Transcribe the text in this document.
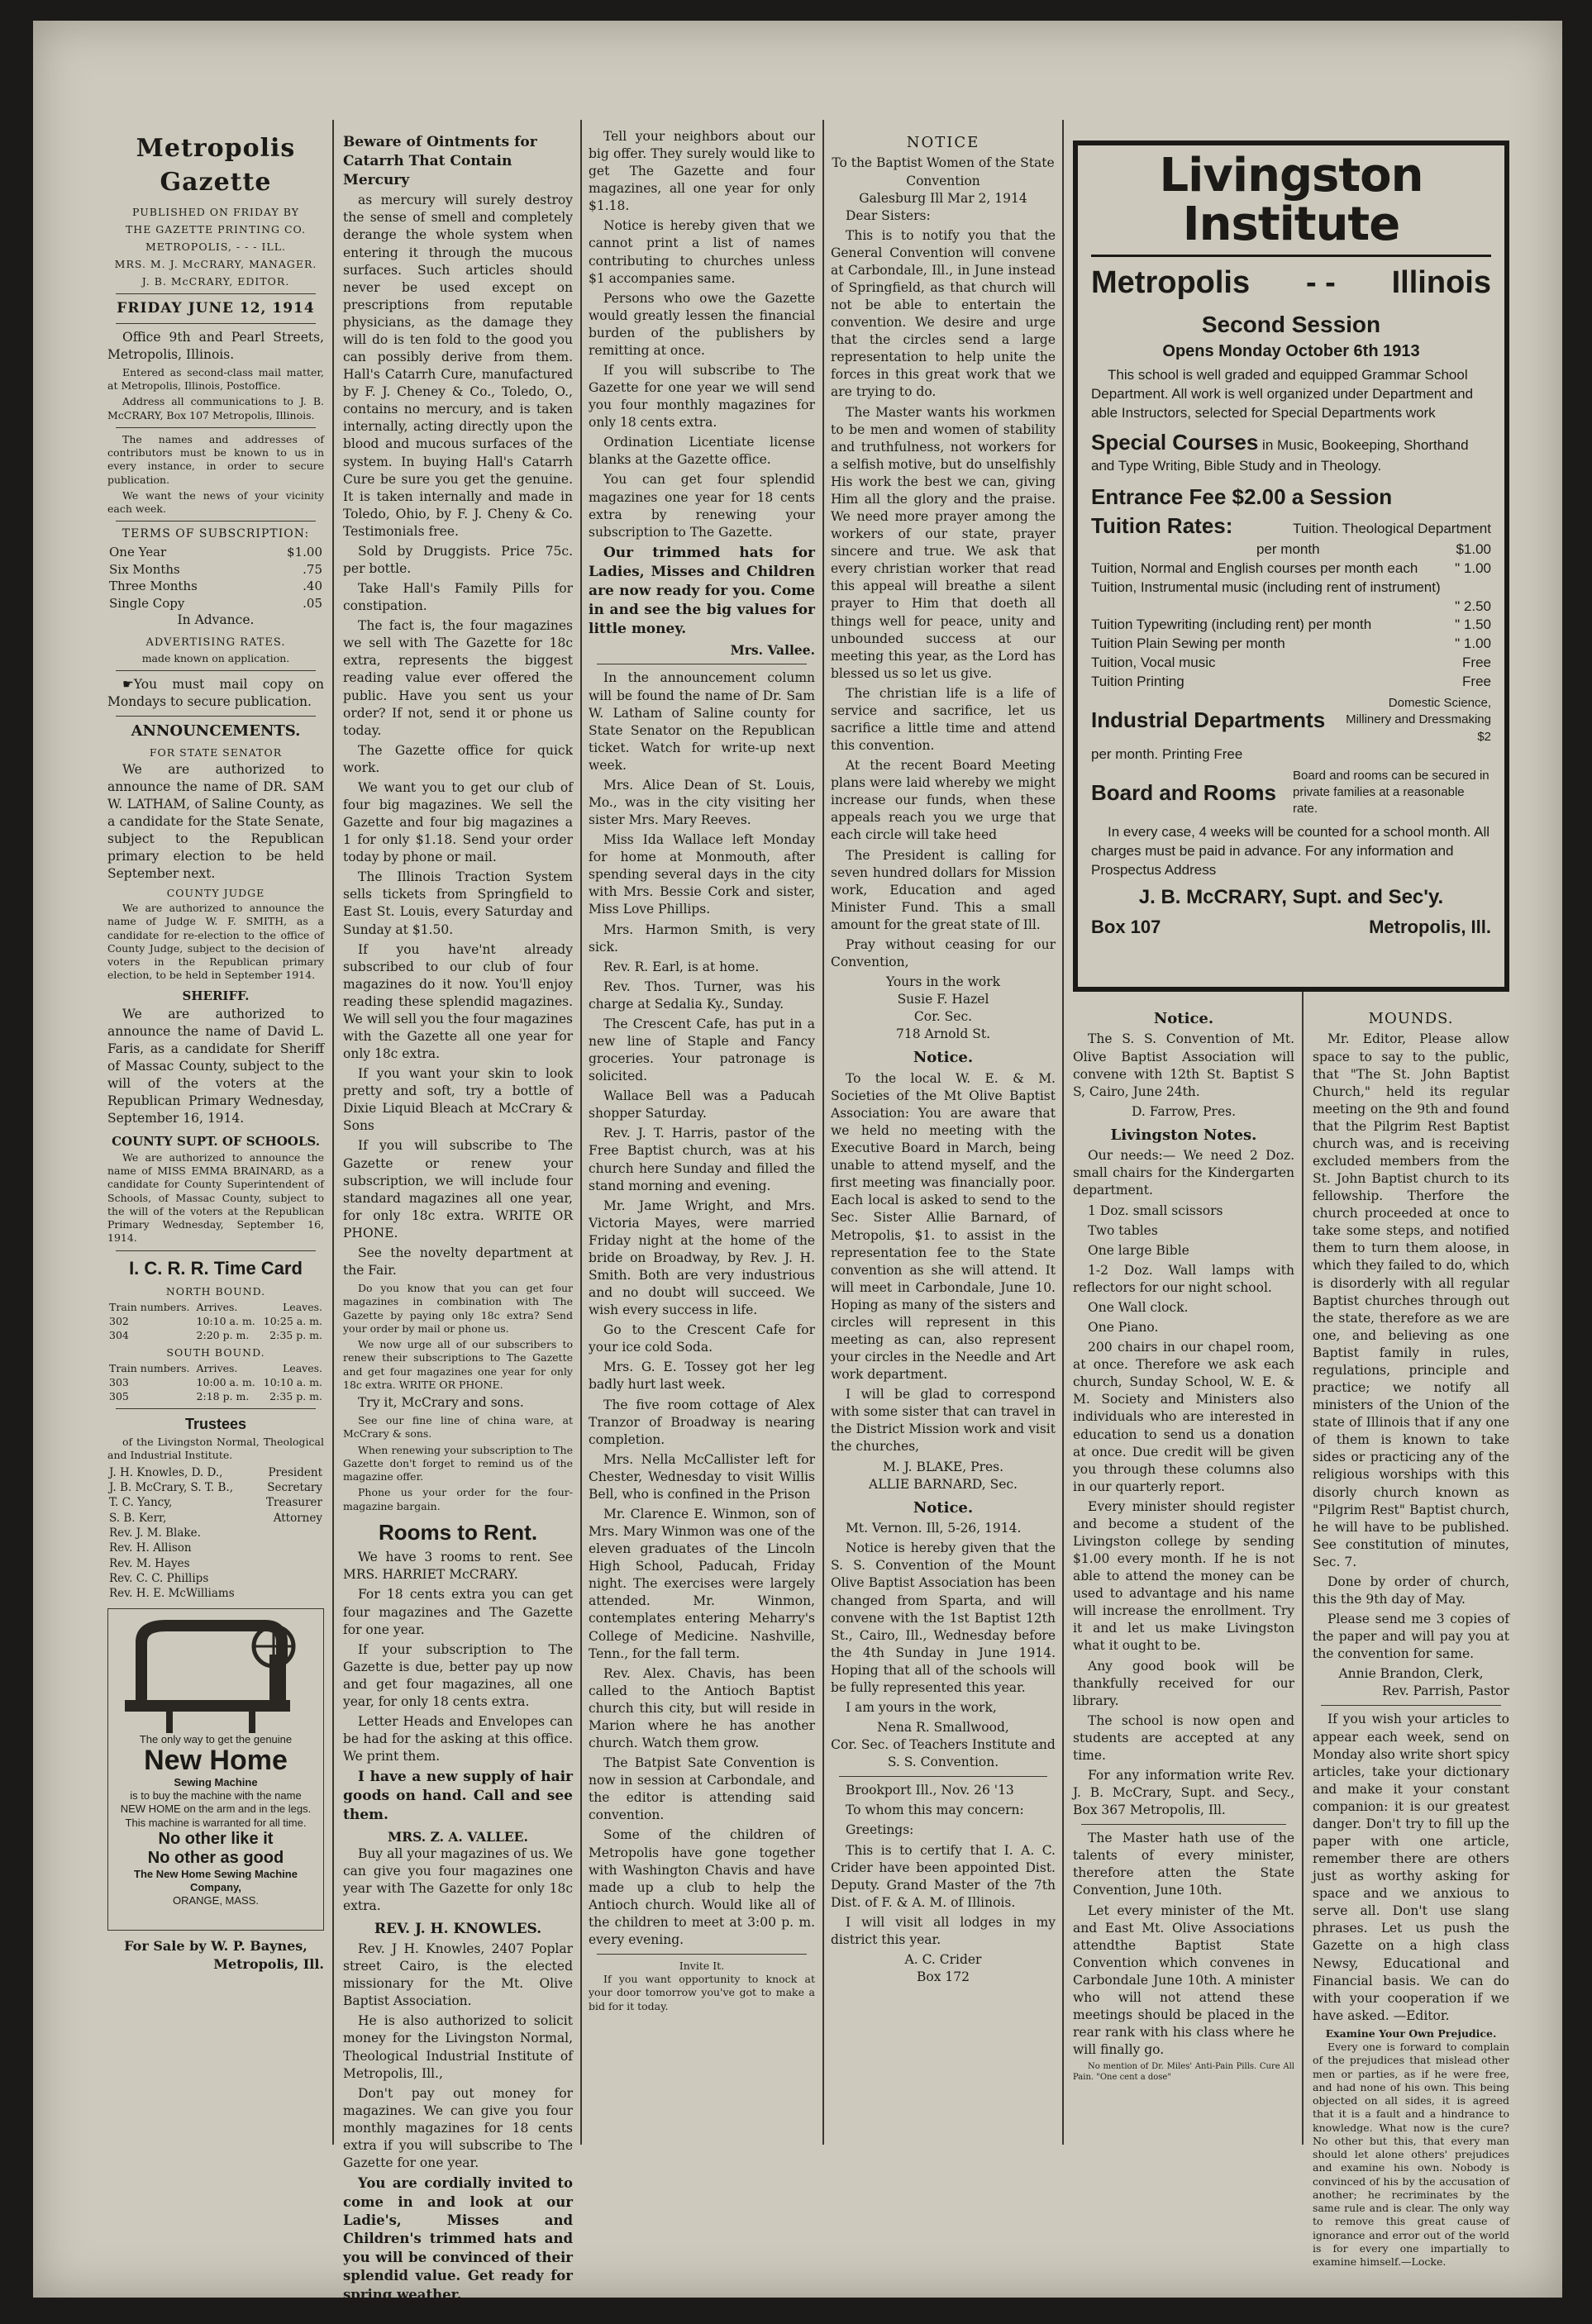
Metropolis Gazette
PUBLISHED ON FRIDAY BY
THE GAZETTE PRINTING CO.
METROPOLIS, - - - ILL.
MRS. M. J. McCRARY, MANAGER.
J. B. McCRARY, EDITOR.
FRIDAY JUNE 12, 1914

Office 9th and Pearl Streets, Metropolis, Illinois.

Entered as second-class mail matter, at Metropolis, Illinois, Postoffice.

Address all communications to J. B. McCRARY, Box 107 Metropolis, Illinois.

The names and addresses of contributors must be known to us in every instance, in order to secure publication.

We want the news of your vicinity each week.

TERMS OF SUBSCRIPTION:
One Year	$1.00
Six Months	.75
Three Months	.40
Single Copy	.05
In Advance.
ADVERTISING RATES.
made known on application.

☛You must mail copy on Mondays to secure publication.

ANNOUNCEMENTS.
FOR STATE SENATOR

We are authorized to announce the name of DR. SAM W. LATHAM, of Saline County, as a candidate for the State Senate, subject to the Republican primary election to be held September next.

COUNTY JUDGE

We are authorized to announce the name of Judge W. F. SMITH, as a candidate for re-election to the office of County Judge, subject to the decision of voters in the Republican primary election, to be held in September 1914.

SHERIFF.

We are authorized to announce the name of David L. Faris, as a candidate for Sheriff of Massac County, subject to the will of the voters at the Republican Primary Wednesday, September 16, 1914.

COUNTY SUPT. OF SCHOOLS.

We are authorized to announce the name of MISS EMMA BRAINARD, as a candidate for County Superintendent of Schools, of Massac County, subject to the will of the voters at the Republican Primary Wednesday, September 16, 1914.

I. C. R. R. Time Card
NORTH BOUND.
Train numbers.	Arrives.	Leaves.
302	10:10 a. m.	10:25 a. m.
304	2:20 p. m.	2:35 p. m.
SOUTH BOUND.
Train numbers.	Arrives.	Leaves.
303	10:00 a. m.	10:10 a. m.
305	2:18 p. m.	2:35 p. m.
Trustees

of the Livingston Normal, Theological and Industrial Institute.

J. H. Knowles, D. D.,	President
J. B. McCrary, S. T. B.,	Secretary
T. C. Yancy,	Treasurer
S. B. Kerr,	Attorney
Rev. J. M. Blake.	
Rev. H. Allison	
Rev. M. Hayes	
Rev. C. C. Phillips	
Rev. H. E. McWilliams	
The only way to get the genuine
New Home
Sewing Machine
is to buy the machine with the name NEW HOME on the arm and in the legs.
This machine is warranted for all time.
No other like it
No other as good
The New Home Sewing Machine Company,
ORANGE, MASS.
For Sale by W. P. Baynes,
Metropolis, Ill.
Beware of Ointments for Catarrh That Contain Mercury

as mercury will surely destroy the sense of smell and completely derange the whole system when entering it through the mucous surfaces. Such articles should never be used except on prescriptions from reputable physicians, as the damage they will do is ten fold to the good you can possibly derive from them. Hall's Catarrh Cure, manufactured by F. J. Cheney & Co., Toledo, O., contains no mercury, and is taken internally, acting directly upon the blood and mucous surfaces of the system. In buying Hall's Catarrh Cure be sure you get the genuine. It is taken internally and made in Toledo, Ohio, by F. J. Cheny & Co. Testimonials free.

Sold by Druggists. Price 75c. per bottle.

Take Hall's Family Pills for constipation.

The fact is, the four magazines we sell with The Gazette for 18c extra, represents the biggest reading value ever offered the public. Have you sent us your order? If not, send it or phone us today.

The Gazette office for quick work.

We want you to get our club of four big magazines. We sell the Gazette and four big magazines a 1 for only $1.18. Send your order today by phone or mail.

The Illinois Traction System sells tickets from Springfield to East St. Louis, every Saturday and Sunday at $1.50.

If you have'nt already subscribed to our club of four magazines do it now. You'll enjoy reading these splendid magazines. We will sell you the four magazines with the Gazette all one year for only 18c extra.

If you want your skin to look pretty and soft, try a bottle of Dixie Liquid Bleach at McCrary & Sons

If you will subscribe to The Gazette or renew your subscription, we will include four standard magazines all one year, for only 18c extra. WRITE OR PHONE.

See the novelty department at the Fair.

Do you know that you can get four magazines in combination with The Gazette by paying only 18c extra? Send your order by mail or phone us.

We now urge all of our subscribers to renew their subscriptions to The Gazette and get four magazines one year for only 18c extra. WRITE OR PHONE.

Try it, McCrary and sons.

See our fine line of china ware, at McCrary & sons.

When renewing your subscription to The Gazette don't forget to remind us of the magazine offer.

Phone us your order for the four-magazine bargain.

Rooms to Rent.

We have 3 rooms to rent. See MRS. HARRIET McCRARY.

For 18 cents extra you can get four magazines and The Gazette for one year.

If your subscription to The Gazette is due, better pay up now and get four magazines, all one year, for only 18 cents extra.

Letter Heads and Envelopes can be had for the asking at this office. We print them.

I have a new supply of hair goods on hand. Call and see them.

MRS. Z. A. VALLEE.

Buy all your magazines of us. We can give you four magazines one year with The Gazette for only 18c extra.

REV. J. H. KNOWLES.

Rev. J H. Knowles, 2407 Poplar street Cairo, is the elected missionary for the Mt. Olive Baptist Association.

He is also authorized to solicit money for the Livingston Normal, Theological Industrial Institute of Metropolis, Ill.,

Don't pay out money for magazines. We can give you four monthly magazines for 18 cents extra if you will subscribe to The Gazette for one year.

You are cordially invited to come in and look at our Ladie's, Misses and Children's trimmed hats and you will be convinced of their splendid value. Get ready for spring weather.

MRS. VALLEE.

Tell your neighbors about our big offer. They surely would like to get The Gazette and four magazines, all one year for only $1.18.

Notice is hereby given that we cannot print a list of names contributing to churches unless $1 accompanies same.

Persons who owe the Gazette would greatly lessen the financial burden of the publishers by remitting at once.

If you will subscribe to The Gazette for one year we will send you four monthly magazines for only 18 cents extra.

Ordination Licentiate license blanks at the Gazette office.

You can get four splendid magazines one year for 18 cents extra by renewing your subscription to The Gazette.

Our trimmed hats for Ladies, Misses and Children are now ready for you. Come in and see the big values for little money.

Mrs. Vallee.

In the announcement column will be found the name of Dr. Sam W. Latham of Saline county for State Senator on the Republican ticket. Watch for write-up next week.

Mrs. Alice Dean of St. Louis, Mo., was in the city visiting her sister Mrs. Mary Reeves.

Miss Ida Wallace left Monday for home at Monmouth, after spending several days in the city with Mrs. Bessie Cork and sister, Miss Love Phillips.

Mrs. Harmon Smith, is very sick.

Rev. R. Earl, is at home.

Rev. Thos. Turner, was his charge at Sedalia Ky., Sunday.

The Crescent Cafe, has put in a new line of Staple and Fancy groceries. Your patronage is solicited.

Wallace Bell was a Paducah shopper Saturday.

Rev. J. T. Harris, pastor of the Free Baptist church, was at his church here Sunday and filled the stand morning and evening.

Mr. Jame Wright, and Mrs. Victoria Mayes, were married Friday night at the home of the bride on Broadway, by Rev. J. H. Smith. Both are very industrious and no doubt will succeed. We wish every success in life.

Go to the Crescent Cafe for your ice cold Soda.

Mrs. G. E. Tossey got her leg badly hurt last week.

The five room cottage of Alex Tranzor of Broadway is nearing completion.

Mrs. Nella McCallister left for Chester, Wednesday to visit Willis Bell, who is confined in the Prison

Mr. Clarence E. Winmon, son of Mrs. Mary Winmon was one of the eleven graduates of the Lincoln High School, Paducah, Friday night. The exercises were largely attended. Mr. Winmon, contemplates entering Meharry's College of Medicine. Nashville, Tenn., for the fall term.

Rev. Alex. Chavis, has been called to the Antioch Baptist church this city, but will reside in Marion where he has another church. Watch them grow.

The Batpist Sate Convention is now in session at Carbondale, and the editor is attending said convention.

Some of the children of Metropolis have gone together with Washington Chavis and have made up a club to help the Antioch church. Would like all of the children to meet at 3:00 p. m. every evening.

Invite It.

If you want opportunity to knock at your door tomorrow you've got to make a bid for it today.

NOTICE
To the Baptist Women of the State Convention
Galesburg Ill Mar 2, 1914

Dear Sisters:

This is to notify you that the General Convention will convene at Carbondale, Ill., in June instead of Springfield, as that church will not be able to entertain the convention. We desire and urge that the circles send a large representation to help unite the forces in this great work that we are trying to do.

The Master wants his workmen to be men and women of stability and truthfulness, not workers for a selfish motive, but do unselfishly His work the best we can, giving Him all the glory and the praise. We need more prayer among the workers of our state, prayer sincere and true. We ask that every christian worker that read this appeal will breathe a silent prayer to Him that doeth all things well for peace, unity and unbounded success at our meeting this year, as the Lord has blessed us so let us give.

The christian life is a life of service and sacrifice, let us sacrifice a little time and attend this convention.

At the recent Board Meeting plans were laid whereby we might increase our funds, when these appeals reach you we urge that each circle will take heed

The President is calling for seven hundred dollars for Mission work, Education and aged Minister Fund. This a small amount for the great state of Ill.

Pray without ceasing for our Convention,

Yours in the work
Susie F. Hazel
Cor. Sec.
718 Arnold St.
Notice.

To the local W. E. & M. Societies of the Mt Olive Baptist Association: You are aware that we held no meeting with the Executive Board in March, being unable to attend myself, and the first meeting was financially poor. Each local is asked to send to the Sec. Sister Allie Barnard, of Metropolis, $1. to assist in the representation fee to the State convention as she will attend. It will meet in Carbondale, June 10. Hoping as many of the sisters and circles will represent in this meeting as can, also represent your circles in the Needle and Art work department.

I will be glad to correspond with some sister that can travel in the District Mission work and visit the churches,

M. J. BLAKE, Pres.
ALLIE BARNARD, Sec.
Notice.

Mt. Vernon. Ill, 5-26, 1914.

Notice is hereby given that the S. S. Convention of the Mount Olive Baptist Association has been changed from Sparta, and will convene with the 1st Baptist 12th St., Cairo, Ill., Wednesday before the 4th Sunday in June 1914. Hoping that all of the schools will be fully represented this year.

I am yours in the work,

Nena R. Smallwood,
Cor. Sec. of Teachers Institute and S. S. Convention.

Brookport Ill., Nov. 26 '13

To whom this may concern:

Greetings:

This is to certify that I. A. C. Crider have been appointed Dist. Deputy. Grand Master of the 7th Dist. of F. & A. M. of Illinois.

I will visit all lodges in my district this year.

A. C. Crider
Box 172
Livingston Institute
Metropolis - - Illinois
Second Session
Opens Monday October 6th 1913
This school is well graded and equipped Grammar School Department. All work is well organized under Department and able Instructors, selected for Special Departments work
Special Courses in Music, Bookeeping, Shorthand and Type Writing, Bible Study and in Theology.
Entrance Fee $2.00 a Session
Tuition Rates:	Tuition. Theological Department
per month	$1.00
Tuition, Normal and English courses per month each	" 1.00
Tuition, Instrumental music (including rent of instrument)
" 2.50
Tuition Typewriting (including rent) per month	" 1.50
Tuition Plain Sewing per month	" 1.00
Tuition, Vocal music	Free
Tuition Printing	Free
Industrial Departments
Domestic Science, Millinery and Dressmaking $2
per month. Printing Free
Board and Rooms
Board and rooms can be secured in private families at a reasonable rate.
In every case, 4 weeks will be counted for a school month. All charges must be paid in advance. For any information and Prospectus Address
J. B. McCRARY, Supt. and Sec'y.
Box 107	Metropolis, Ill.
Notice.

The S. S. Convention of Mt. Olive Baptist Association will convene with 12th St. Baptist S S, Cairo, June 24th.

D. Farrow, Pres.
Livingston Notes.

Our needs:— We need 2 Doz. small chairs for the Kindergarten department.

1 Doz. small scissors

Two tables

One large Bible

1-2 Doz. Wall lamps with reflectors for our night school.

One Wall clock.

One Piano.

200 chairs in our chapel room, at once. Therefore we ask each church, Sunday School, W. E. & M. Society and Ministers also individuals who are interested in education to send us a donation at once. Due credit will be given you through these columns also in our quarterly report.

Every minister should register and become a student of the Livingston college by sending $1.00 every month. If he is not able to attend the money can be used to advantage and his name will increase the enrollment. Try it and let us make Livingston what it ought to be.

Any good book will be thankfully received for our library.

The school is now open and students are accepted at any time.

For any information write Rev. J. B. McCrary, Supt. and Secy., Box 367 Metropolis, Ill.

The Master hath use of the talents of every minister, therefore atten the State Convention, June 10th.

Let every minister of the Mt. and East Mt. Olive Associations attendthe Baptist State Convention which convenes in Carbondale June 10th. A minister who will not attend these meetings should be placed in the rear rank with his class where he will finally go.

No mention of Dr. Miles' Anti-Pain Pills. Cure All Pain. "One cent a dose"

MOUNDS.

Mr. Editor, Please allow space to say to the public, that "The St. John Baptist Church," held its regular meeting on the 9th and found that the Pilgrim Rest Baptist church was, and is receiving excluded members from the St. John Baptist church to its fellowship. Therfore the church proceeded at once to take some steps, and notified them to turn them aloose, in which they failed to do, which is disorderly with all regular Baptist churches through out the state, therefore as we are one, and believing as one Baptist family in rules, regulations, principle and practice; we notify all ministers of the Union of the state of Illinois that if any one of them is known to take sides or practicing any of the religious worships with this disorly church known as "Pilgrim Rest" Baptist church, he will have to be published. See constitution of minutes, Sec. 7.

Done by order of church, this the 9th day of May.

Please send me 3 copies of the paper and will pay you at the convention for same.

Annie Brandon, Clerk,
Rev. Parrish, Pastor

If you wish your articles to appear each week, send on Monday also write short spicy articles, take your dictionary and make it your constant companion: it is our greatest danger. Don't try to fill up the paper with one article, remember there are others just as worthy asking for space and we anxious to serve all. Don't use slang phrases. Let us push the Gazette on a high class Newsy, Educational and Financial basis. We can do with your cooperation if we have asked. —Editor.

Examine Your Own Prejudice.

Every one is forward to complain of the prejudices that mislead other men or parties, as if he were free, and had none of his own. This being objected on all sides, it is agreed that it is a fault and a hindrance to knowledge. What now is the cure? No other but this, that every man should let alone others' prejudices and examine his own. Nobody is convinced of his by the accusation of another; he recriminates by the same rule and is clear. The only way to remove this great cause of ignorance and error out of the world is for every one impartially to examine himself.—Locke.
